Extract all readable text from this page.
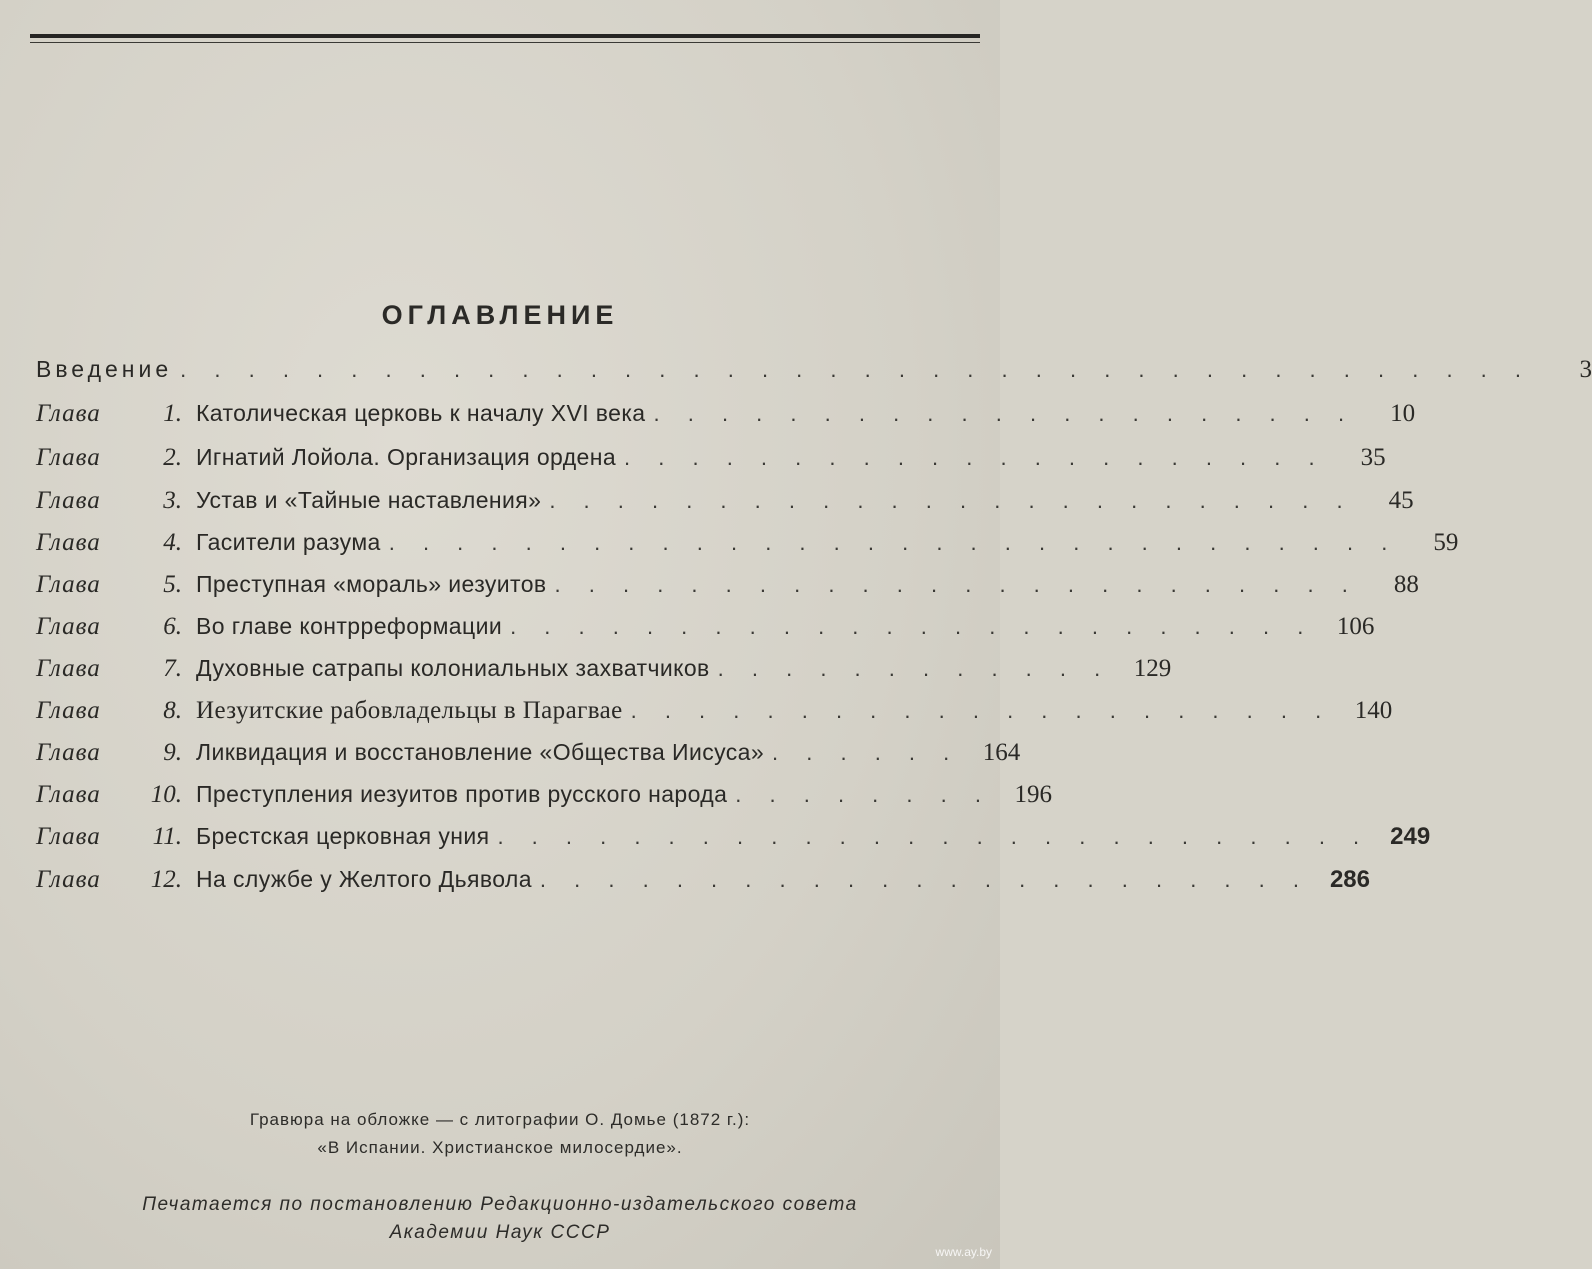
ОГЛАВЛЕНИЕ
Введение . . . . . . . . . . . . . . . . . . . . . . . . . . . . . . . . . . . . . . . .	3
Глава	1. Католическая церковь к началу XVI века . . . . . . . . . . . . . . . . . . . . .	10
Глава	2. Игнатий Лойола. Организация ордена . . . . . . . . . . . . . . . . . . . . .	35
Глава	3. Устав и «Тайные наставления» . . . . . . . . . . . . . . . . . . . . . . . .	45
Глава	4. Гасители разума . . . . . . . . . . . . . . . . . . . . . . . . . . . . . .	59
Глава	5. Преступная «мораль» иезуитов . . . . . . . . . . . . . . . . . . . . . . . .	88
Глава	6. Во главе контрреформации . . . . . . . . . . . . . . . . . . . . . . . . 106
Глава	7. Духовные сатрапы колониальных захватчиков . . . . . . . . . . . . 129
Глава	8. Иезуитские рабовладельцы в Парагвае . . . . . . . . . . . . . . . . . . . . . 140
Глава	9. Ликвидация и восстановление «Общества Иисуса» . . . . . . 164
Глава	10. Преступления иезуитов против русского народа . . . . . . . . 196
Глава	11. Брестская церковная уния . . . . . . . . . . . . . . . . . . . . . . . . . . 249
Глава	12. На службе у Желтого Дьявола . . . . . . . . . . . . . . . . . . . . . . . 286
Гравюра на обложке — с литографии О. Домье (1872 г.):
«В Испании. Христианское милосердие».
Печатается по постановлению Редакционно-издательского совета
Академии Наук СССР
www.ay.by
